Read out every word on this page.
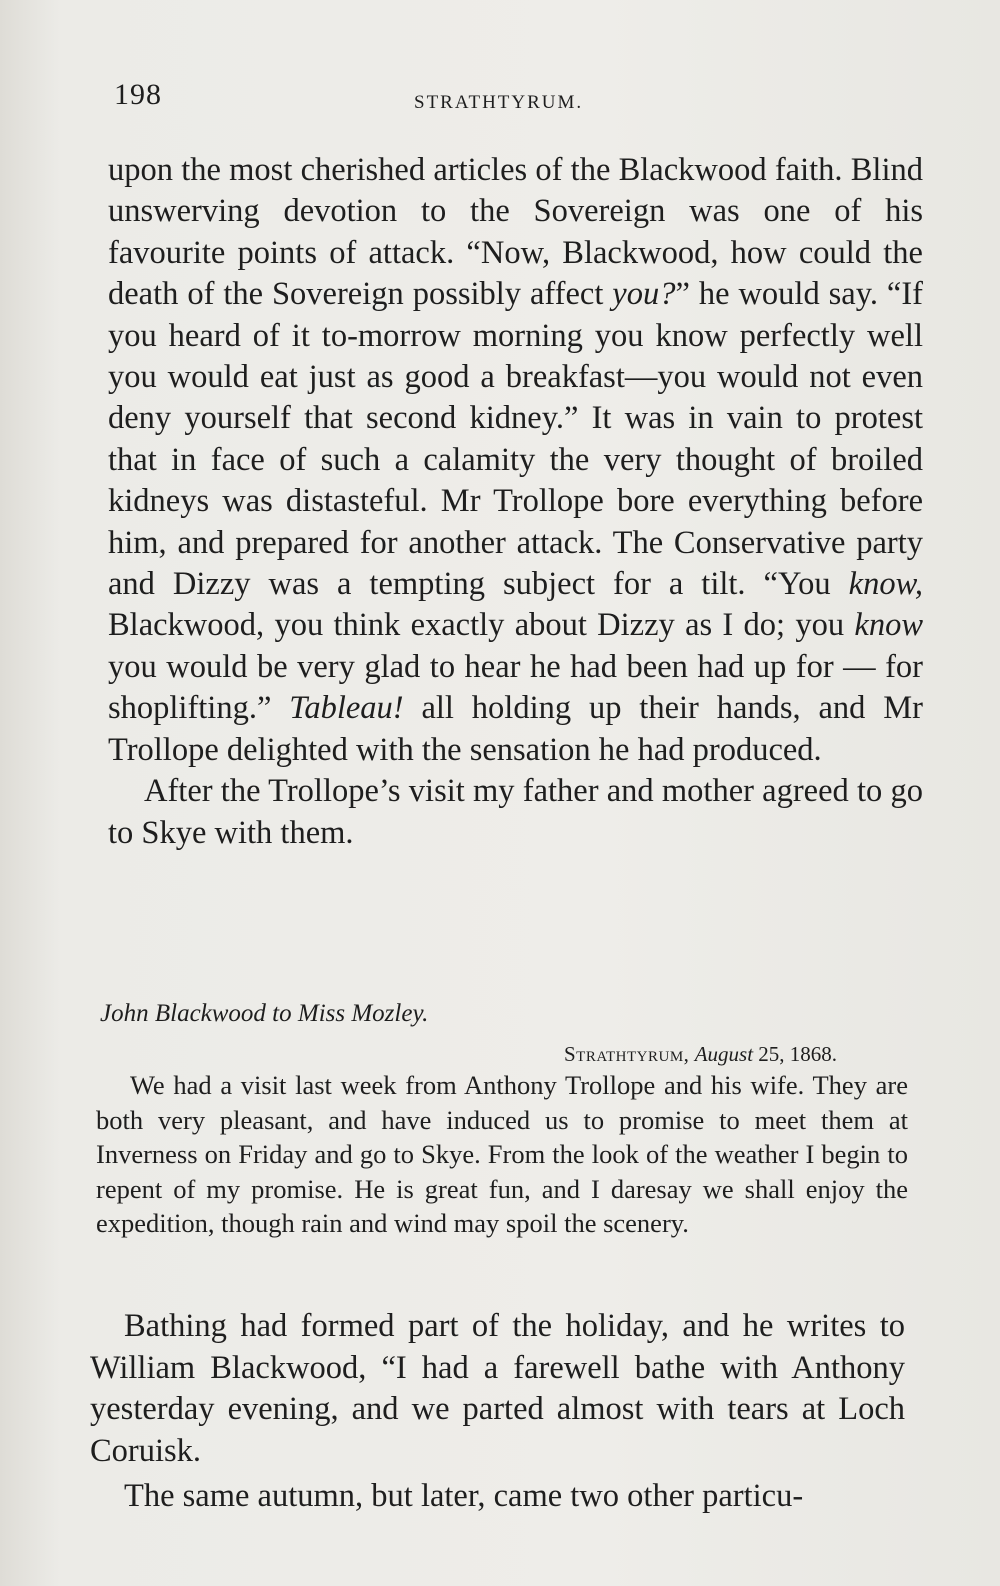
198	STRATHTYRUM.

upon the most cherished articles of the Blackwood faith. Blind unswerving devotion to the Sovereign was one of his favourite points of attack. “Now, Blackwood, how could the death of the Sovereign possibly affect you?” he would say. “If you heard of it to-morrow morning you know perfectly well you would eat just as good a breakfast—you would not even deny yourself that second kidney.” It was in vain to protest that in face of such a calamity the very thought of broiled kidneys was distasteful. Mr Trollope bore everything before him, and prepared for another attack. The Conservative party and Dizzy was a tempting subject for a tilt. “You know, Blackwood, you think exactly about Dizzy as I do; you know you would be very glad to hear he had been had up for — for shoplifting.” Tableau! all holding up their hands, and Mr Trollope delighted with the sensation he had produced.

After the Trollope’s visit my father and mother agreed to go to Skye with them.

John Blackwood to Miss Mozley.
Strathtyrum, August 25, 1868.

We had a visit last week from Anthony Trollope and his wife. They are both very pleasant, and have induced us to promise to meet them at Inverness on Friday and go to Skye. From the look of the weather I begin to repent of my promise. He is great fun, and I daresay we shall enjoy the expedition, though rain and wind may spoil the scenery.

Bathing had formed part of the holiday, and he writes to William Blackwood, “I had a farewell bathe with Anthony yesterday evening, and we parted almost with tears at Loch Coruisk.

The same autumn, but later, came two other particu-
